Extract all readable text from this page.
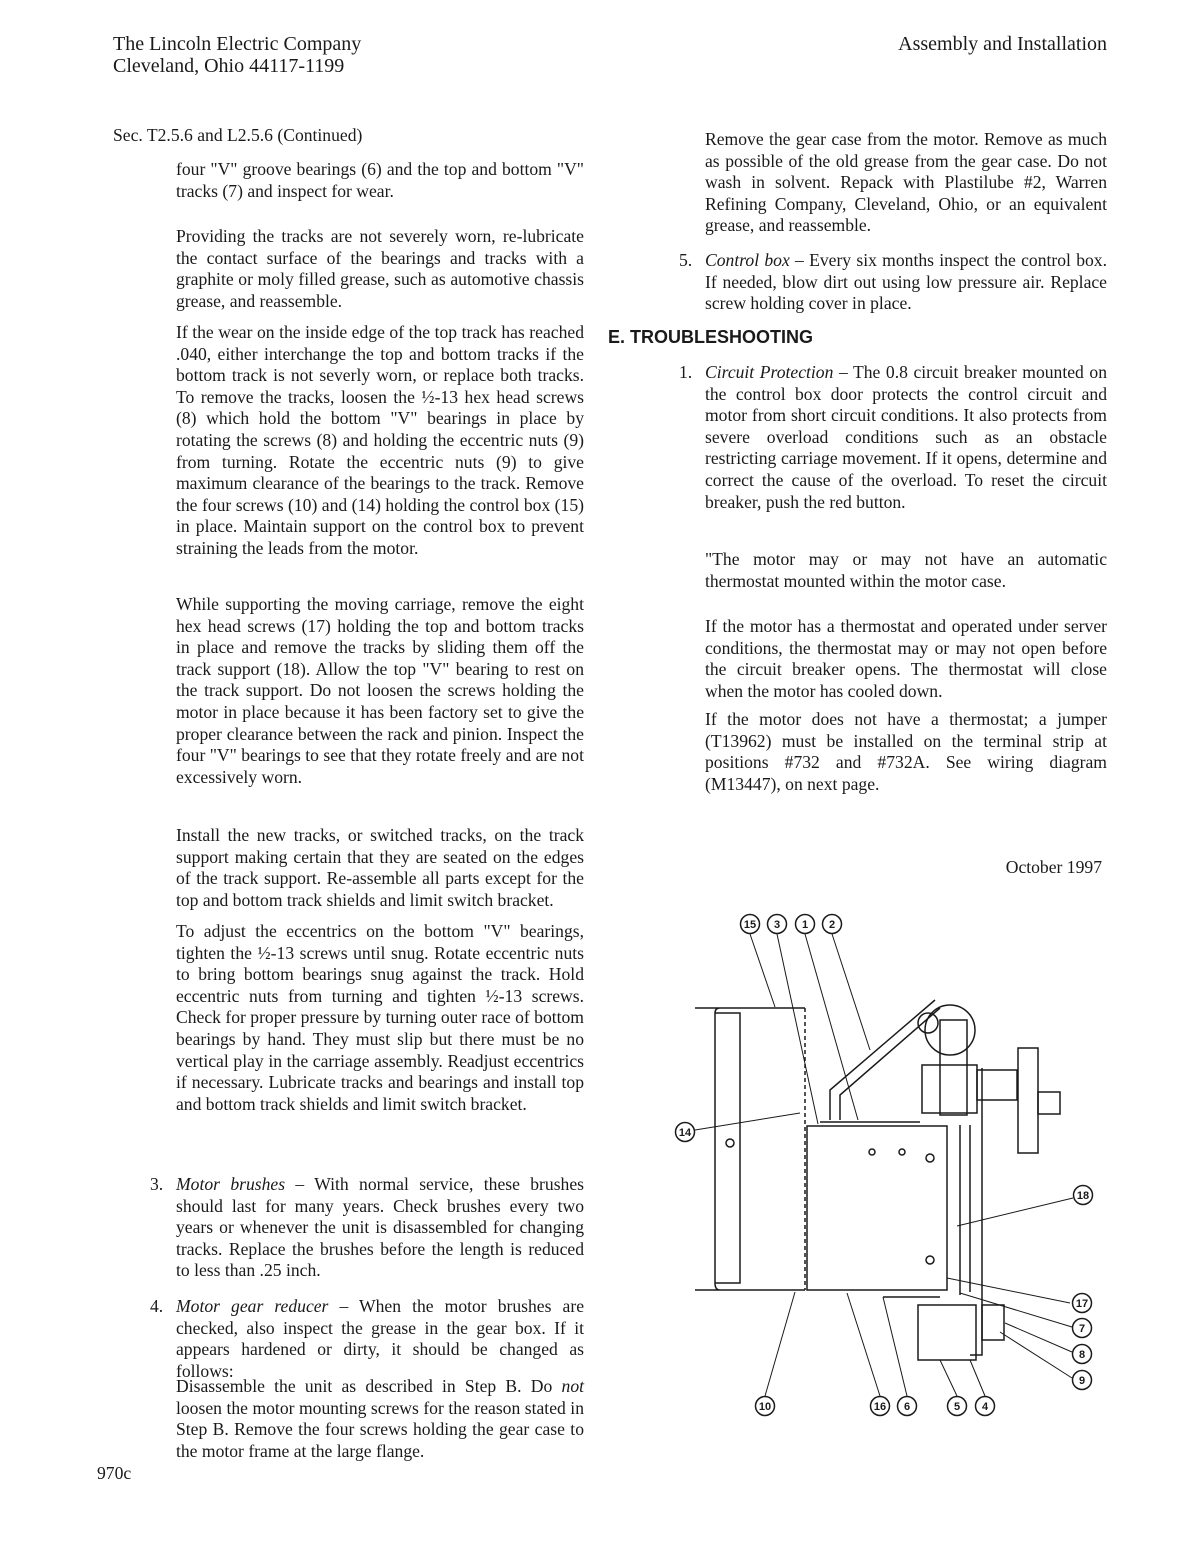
The Lincoln Electric Company
Cleveland, Ohio 44117-1199
Assembly and Installation
Sec. T2.5.6 and L2.5.6 (Continued)
four "V" groove bearings (6) and the top and bottom "V" tracks (7) and inspect for wear.
Providing the tracks are not severely worn, re-lubricate the contact surface of the bearings and tracks with a graphite or moly filled grease, such as automotive chassis grease, and reassemble.
If the wear on the inside edge of the top track has reached .040, either interchange the top and bottom tracks if the bottom track is not severly worn, or replace both tracks. To remove the tracks, loosen the ½-13 hex head screws (8) which hold the bottom "V" bearings in place by rotating the screws (8) and holding the eccentric nuts (9) from turning. Rotate the eccentric nuts (9) to give maximum clearance of the bearings to the track. Remove the four screws (10) and (14) holding the control box (15) in place. Maintain support on the control box to prevent straining the leads from the motor.
While supporting the moving carriage, remove the eight hex head screws (17) holding the top and bottom tracks in place and remove the tracks by sliding them off the track support (18). Allow the top "V" bearing to rest on the track support. Do not loosen the screws holding the motor in place because it has been factory set to give the proper clearance between the rack and pinion. Inspect the four "V" bearings to see that they rotate freely and are not excessively worn.
Install the new tracks, or switched tracks, on the track support making certain that they are seated on the edges of the track support. Re-assemble all parts except for the top and bottom track shields and limit switch bracket.
To adjust the eccentrics on the bottom "V" bearings, tighten the ½-13 screws until snug. Rotate eccentric nuts to bring bottom bearings snug against the track. Hold eccentric nuts from turning and tighten ½-13 screws. Check for proper pressure by turning outer race of bottom bearings by hand. They must slip but there must be no vertical play in the carriage assembly. Readjust eccentrics if necessary. Lubricate tracks and bearings and install top and bottom track shields and limit switch bracket.
3. Motor brushes – With normal service, these brushes should last for many years. Check brushes every two years or whenever the unit is disassembled for changing tracks. Replace the brushes before the length is reduced to less than .25 inch.
4. Motor gear reducer – When the motor brushes are checked, also inspect the grease in the gear box. If it appears hardened or dirty, it should be changed as follows:
Disassemble the unit as described in Step B. Do not loosen the motor mounting screws for the reason stated in Step B. Remove the four screws holding the gear case to the motor frame at the large flange.
Remove the gear case from the motor. Remove as much as possible of the old grease from the gear case. Do not wash in solvent. Repack with Plastilube #2, Warren Refining Company, Cleveland, Ohio, or an equivalent grease, and reassemble.
5. Control box – Every six months inspect the control box. If needed, blow dirt out using low pressure air. Replace screw holding cover in place.
E. TROUBLESHOOTING
1. Circuit Protection – The 0.8 circuit breaker mounted on the control box door protects the control circuit and motor from short circuit conditions. It also protects from severe overload conditions such as an obstacle restricting carriage movement. If it opens, determine and correct the cause of the overload. To reset the circuit breaker, push the red button.
"The motor may or may not have an automatic thermostat mounted within the motor case.
If the motor has a thermostat and operated under server conditions, the thermostat may or may not open before the circuit breaker opens. The thermostat will close when the motor has cooled down.
If the motor does not have a thermostat; a jumper (T13962) must be installed on the terminal strip at positions #732 and #732A. See wiring diagram (M13447), on next page.
October 1997
15 3 1 2
14
18
17
7
8
9
10	16 6	5 4
970c
